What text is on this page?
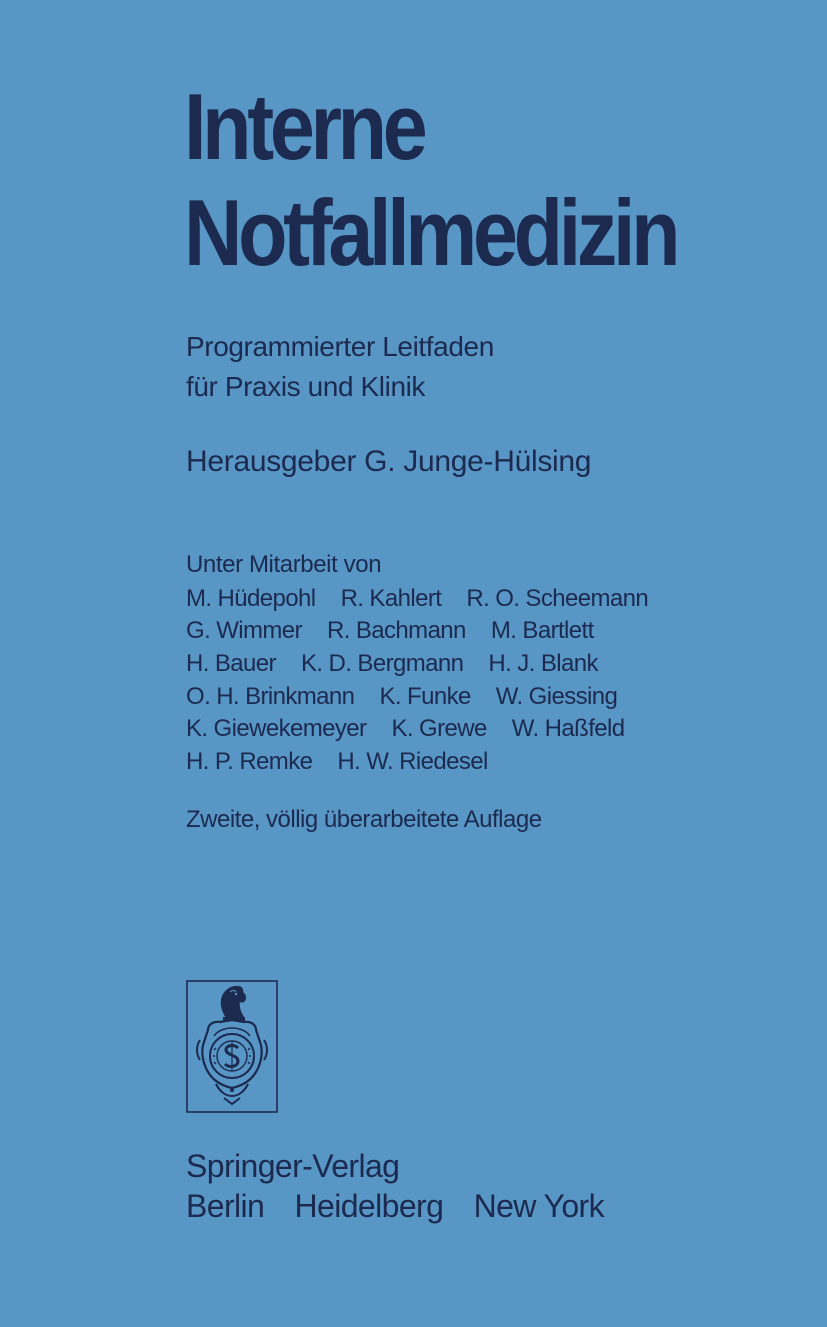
Interne
Notfallmedizin
Programmierter Leitfaden
für Praxis und Klinik
Herausgeber G. Junge-Hülsing
Unter Mitarbeit von
M. Hüdepohl R. Kahlert R. O. Scheemann
G. Wimmer R. Bachmann M. Bartlett
H. Bauer K. D. Bergmann H. J. Blank
O. H. Brinkmann K. Funke W. Giessing
K. Giewekemeyer K. Grewe W. Haßfeld
H. P. Remke H. W. Riedesel
Zweite, völlig überarbeitete Auflage
Springer-Verlag
Berlin Heidelberg New York
